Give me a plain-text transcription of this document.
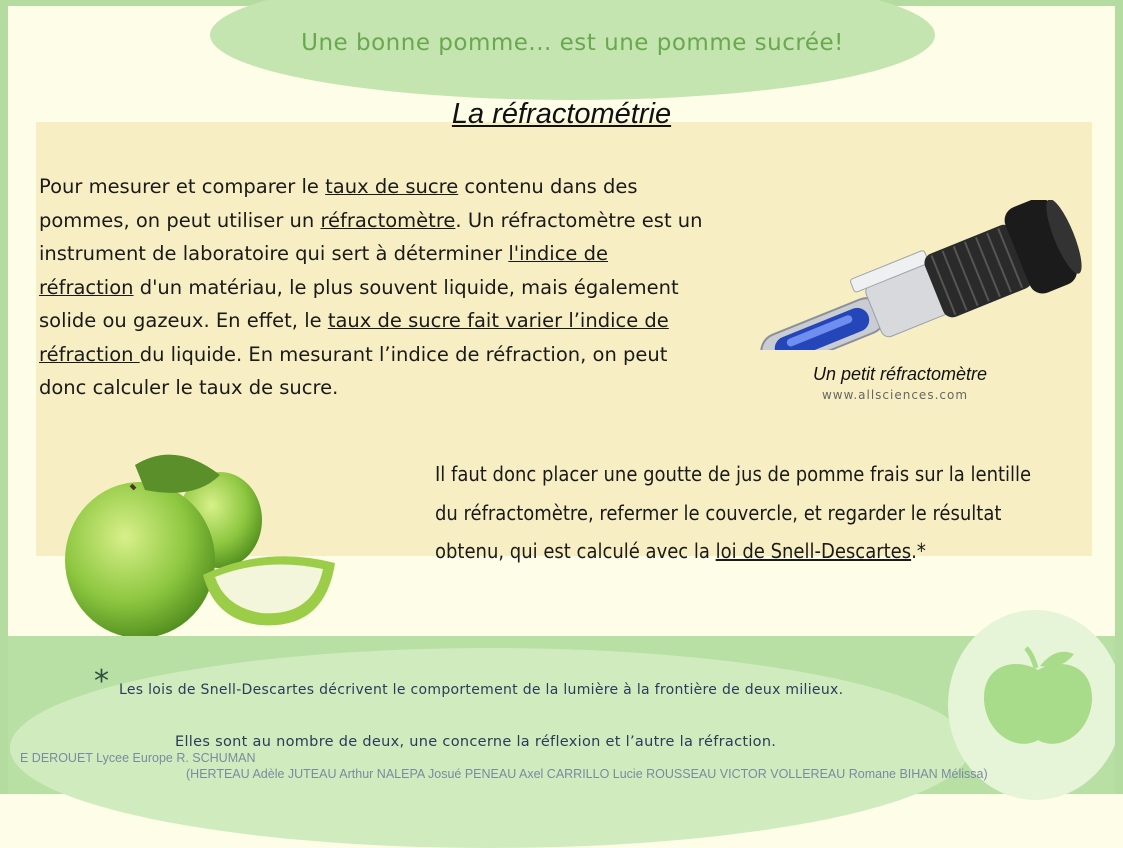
Une bonne pomme... est une pomme sucrée!
La réfractométrie
Pour mesurer et comparer le taux de sucre contenu dans des pommes, on peut utiliser un réfractomètre. Un réfractomètre est un instrument de laboratoire qui sert à déterminer l'indice de réfraction d'un matériau, le plus souvent liquide, mais également solide ou gazeux. En effet, le taux de sucre fait varier l’indice de réfraction du liquide. En mesurant l’indice de réfraction, on peut donc calculer le taux de sucre.
Un petit réfractomètre
www.allsciences.com
Il faut donc placer une goutte de jus de pomme frais sur la lentille du réfractomètre, refermer le couvercle, et regarder le résultat obtenu, qui est calculé avec la loi de Snell-Descartes.*
* Les lois de Snell-Descartes décrivent le comportement de la lumière à la frontière de deux milieux.
Elles sont au nombre de deux, une concerne la réflexion et l’autre la réfraction.
E DEROUET Lycee Europe R. SCHUMAN
(HERTEAU Adèle JUTEAU Arthur NALEPA Josué PENEAU Axel CARRILLO Lucie ROUSSEAU VICTOR VOLLEREAU Romane BIHAN Mélissa)
